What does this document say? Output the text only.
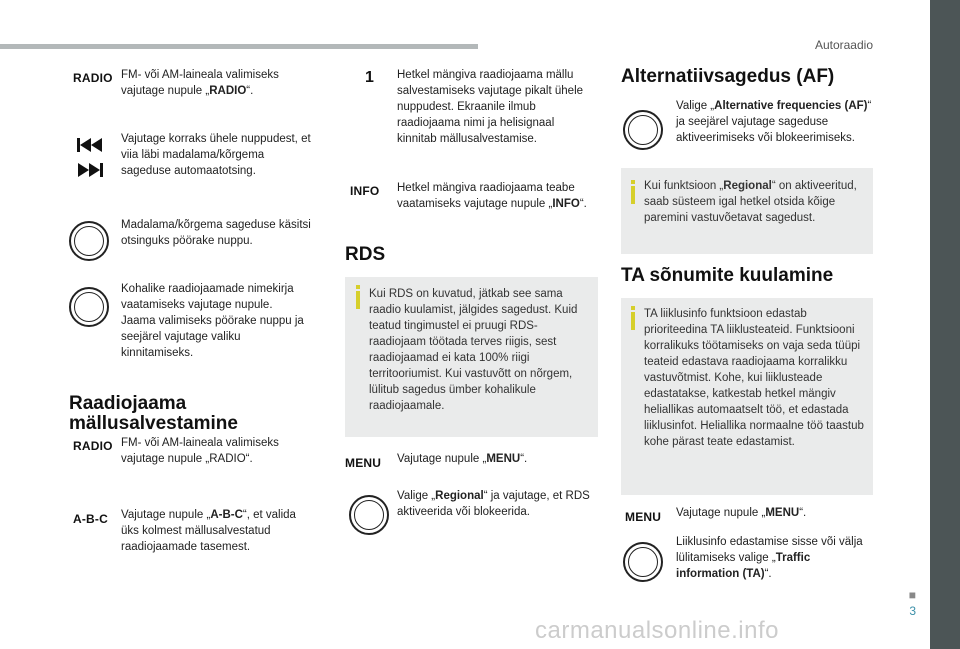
Autoraadio
■
3
RADIO FM- või AM-laineala valimiseks vajutage nupule „RADIO“.
Vajutage korraks ühele nuppudest, et viia läbi madalama/kõrgema sageduse automaatotsing.
Madalama/kõrgema sageduse käsitsi otsinguks pöörake nuppu.
Kohalike raadiojaamade nimekirja vaatamiseks vajutage nupule. Jaama valimiseks pöörake nuppu ja seejärel vajutage valiku kinnitamiseks.
Raadiojaama
mällusalvestamine
RADIO FM- või AM-laineala valimiseks vajutage nupule „RADIO“.
A-B-C Vajutage nupule „A-B-C“, et valida üks kolmest mällusalvestatud raadiojaamade tasemest.
1 Hetkel mängiva raadiojaama mällu salvestamiseks vajutage pikalt ühele nuppudest. Ekraanile ilmub raadiojaama nimi ja helisignaal kinnitab mällusalvestamise.
INFO Hetkel mängiva raadiojaama teabe vaatamiseks vajutage nupule „INFO“.
RDS
Kui RDS on kuvatud, jätkab see sama raadio kuulamist, jälgides sagedust. Kuid teatud tingimustel ei pruugi RDS-raadiojaam töötada terves riigis, sest raadiojaamad ei kata 100% riigi territooriumist. Kui vastuvõtt on nõrgem, lülitub sagedus ümber kohalikule raadiojaamale.
MENU Vajutage nupule „MENU“.
Valige „Regional“ ja vajutage, et RDS aktiveerida või blokeerida.
Alternatiivsagedus (AF)
Valige „Alternative frequencies (AF)“ ja seejärel vajutage sageduse aktiveerimiseks või blokeerimiseks.
Kui funktsioon „Regional“ on aktiveeritud, saab süsteem igal hetkel otsida kõige paremini vastuvõetavat sagedust.
TA sõnumite kuulamine
TA liiklusinfo funktsioon edastab prioriteedina TA liiklusteateid. Funktsiooni korralikuks töötamiseks on vaja seda tüüpi teateid edastava raadiojaama korralikku vastuvõtmist. Kohe, kui liiklusteade edastatakse, katkestab hetkel mängiv heliallikas automaatselt töö, et edastada liiklusinfot. Heliallika normaalne töö taastub kohe pärast teate edastamist.
MENU Vajutage nupule „MENU“.
Liiklusinfo edastamise sisse või välja lülitamiseks valige „Traffic information (TA)“.
carmanualsonline.info
